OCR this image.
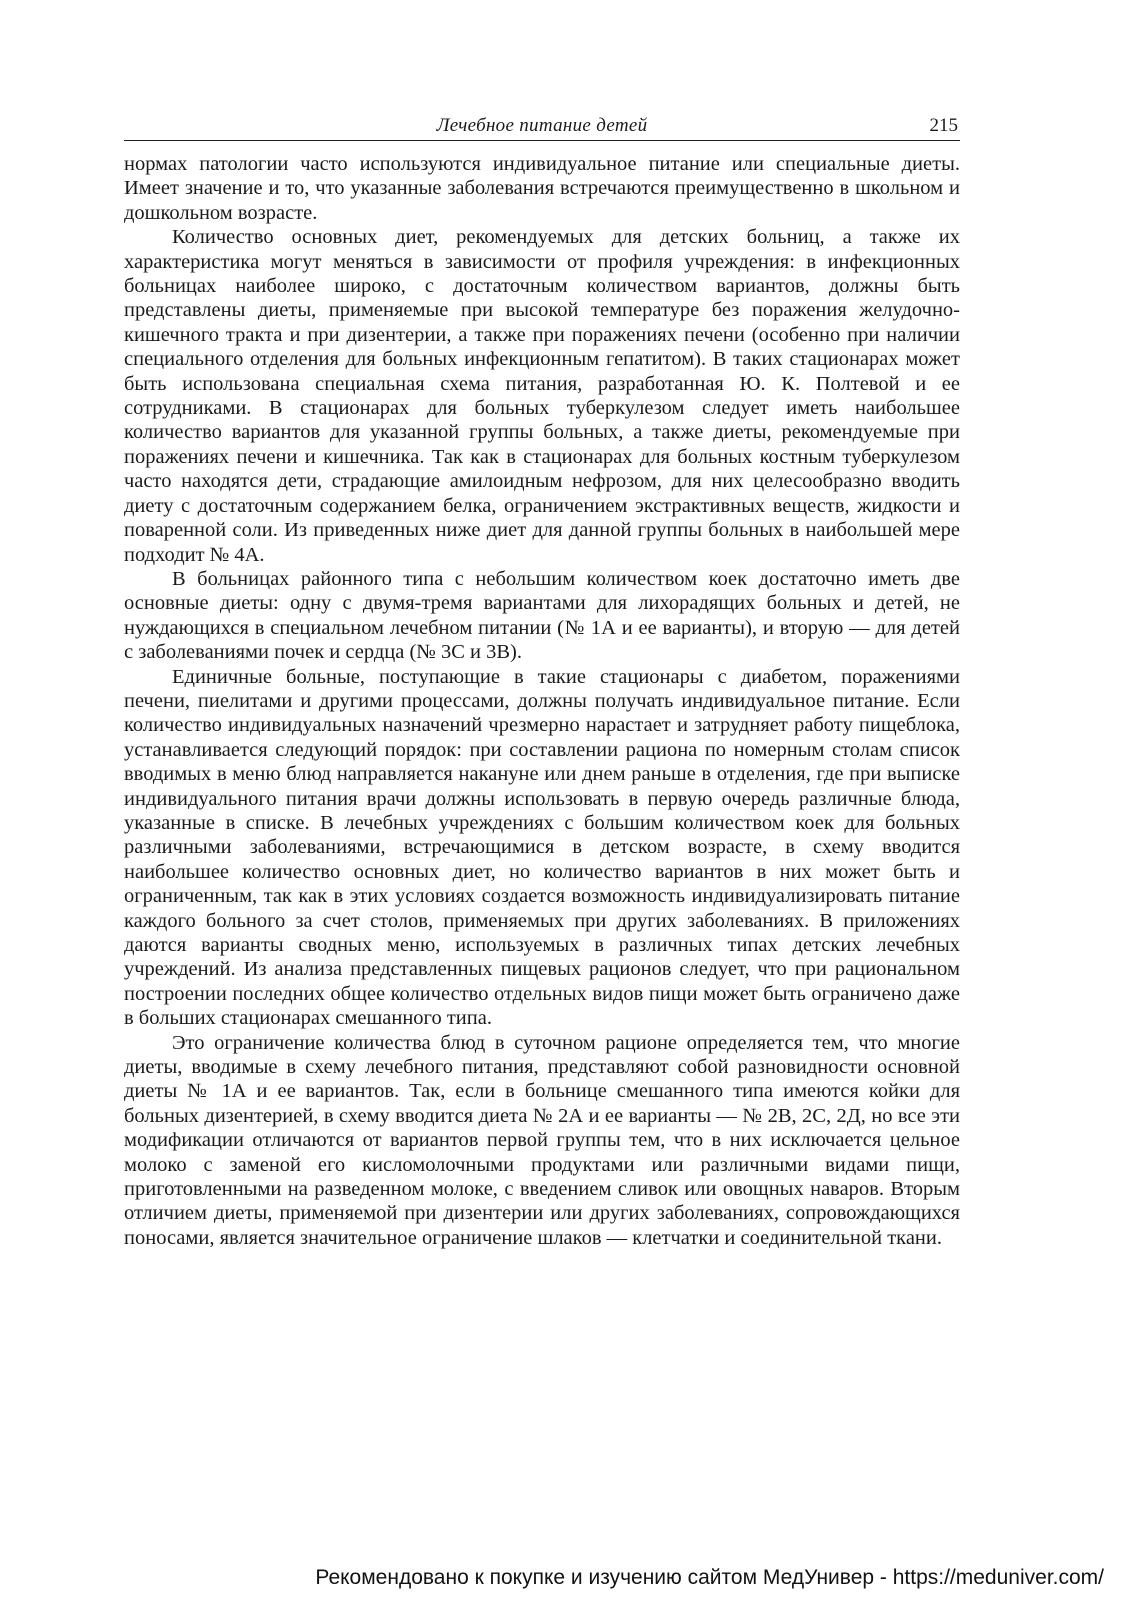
Лечебное питание детей	215

нормах патологии часто используются индивидуальное питание или специальные диеты. Имеет значение и то, что указанные заболевания встречаются преимущественно в школьном и дошкольном возрасте.

Количество основных диет, рекомендуемых для детских больниц, а также их характеристика могут меняться в зависимости от профиля учреждения: в инфекционных больницах наиболее широко, с достаточным количеством вариантов, должны быть представлены диеты, применяемые при высокой температуре без поражения желудочно-кишечного тракта и при дизентерии, а также при поражениях печени (особенно при наличии специального отделения для больных инфекционным гепатитом). В таких стационарах может быть использована специальная схема питания, разработанная Ю. К. Полтевой и ее сотрудниками. В стационарах для больных туберкулезом следует иметь наибольшее количество вариантов для указанной группы больных, а также диеты, рекомендуемые при поражениях печени и кишечника. Так как в стационарах для больных костным туберкулезом часто находятся дети, страдающие амилоидным нефрозом, для них целесообразно вводить диету с достаточным содержанием белка, ограничением экстрактивных веществ, жидкости и поваренной соли. Из приведенных ниже диет для данной группы больных в наибольшей мере подходит № 4А.

В больницах районного типа с небольшим количеством коек достаточно иметь две основные диеты: одну с двумя-тремя вариантами для лихорадящих больных и детей, не нуждающихся в специальном лечебном питании (№ 1А и ее варианты), и вторую — для детей с заболеваниями почек и сердца (№ 3С и 3В).

Единичные больные, поступающие в такие стационары с диабетом, поражениями печени, пиелитами и другими процессами, должны получать индивидуальное питание. Если количество индивидуальных назначений чрезмерно нарастает и затрудняет работу пищеблока, устанавливается следующий порядок: при составлении рациона по номерным столам список вводимых в меню блюд направляется накануне или днем раньше в отделения, где при выписке индивидуального питания врачи должны использовать в первую очередь различные блюда, указанные в списке. В лечебных учреждениях с большим количеством коек для больных различными заболеваниями, встречающимися в детском возрасте, в схему вводится наибольшее количество основных диет, но количество вариантов в них может быть и ограниченным, так как в этих условиях создается возможность индивидуализировать питание каждого больного за счет столов, применяемых при других заболеваниях. В приложениях даются варианты сводных меню, используемых в различных типах детских лечебных учреждений. Из анализа представленных пищевых рационов следует, что при рациональном построении последних общее количество отдельных видов пищи может быть ограничено даже в больших стационарах смешанного типа.

Это ограничение количества блюд в суточном рационе определяется тем, что многие диеты, вводимые в схему лечебного питания, представляют собой разновидности основной диеты № 1А и ее вариантов. Так, если в больнице смешанного типа имеются койки для больных дизентерией, в схему вводится диета № 2А и ее варианты — № 2В, 2С, 2Д, но все эти модификации отличаются от вариантов первой группы тем, что в них исключается цельное молоко с заменой его кисломолочными продуктами или различными видами пищи, приготовленными на разведенном молоке, с введением сливок или овощных наваров. Вторым отличием диеты, применяемой при дизентерии или других заболеваниях, сопровождающихся поносами, является значительное ограничение шлаков — клетчатки и соединительной ткани.

Рекомендовано к покупке и изучению сайтом МедУнивер - https://meduniver.com/
